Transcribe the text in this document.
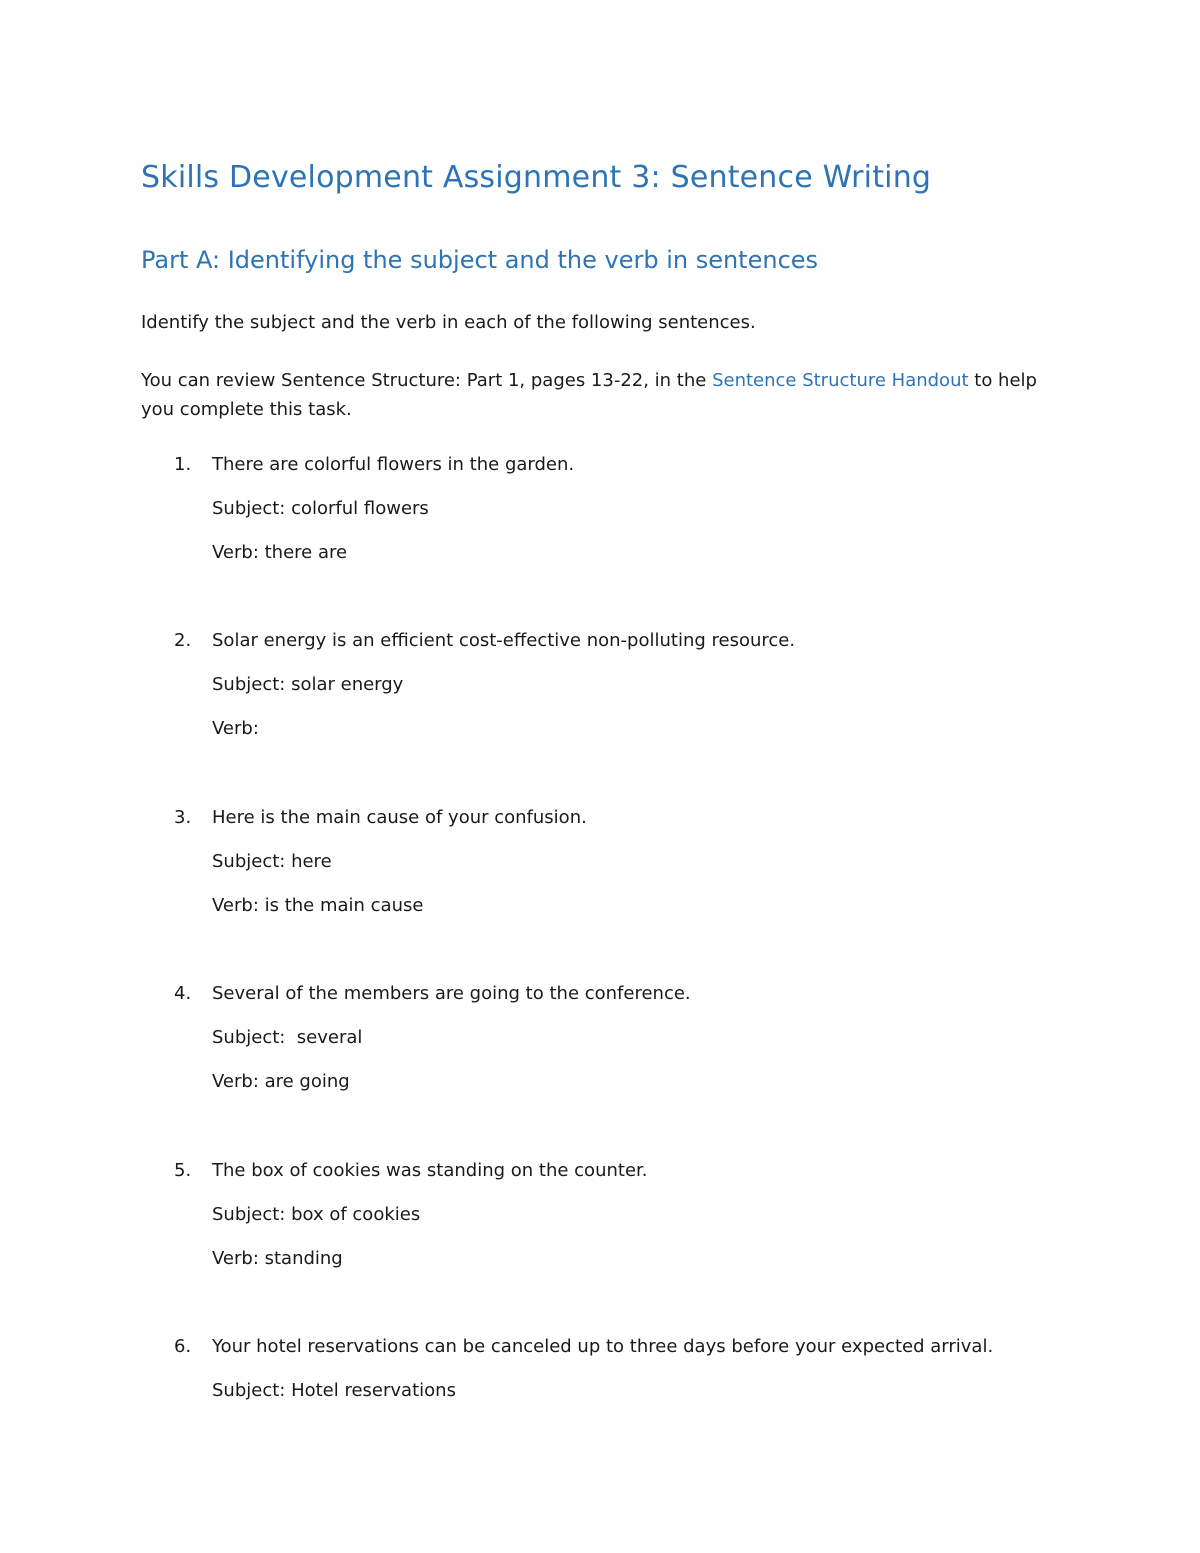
Skills Development Assignment 3: Sentence Writing
Part A: Identifying the subject and the verb in sentences

Identify the subject and the verb in each of the following sentences.

You can review Sentence Structure: Part 1, pages 13-22, in the Sentence Structure Handout to help you complete this task.

1. There are colorful flowers in the garden.
Subject: colorful flowers
Verb: there are
2. Solar energy is an efficient cost-effective non-polluting resource.
Subject: solar energy
Verb:
3. Here is the main cause of your confusion.
Subject: here
Verb: is the main cause
4. Several of the members are going to the conference.
Subject:  several
Verb: are going
5. The box of cookies was standing on the counter.
Subject: box of cookies
Verb: standing
6. Your hotel reservations can be canceled up to three days before your expected arrival.
Subject: Hotel reservations
